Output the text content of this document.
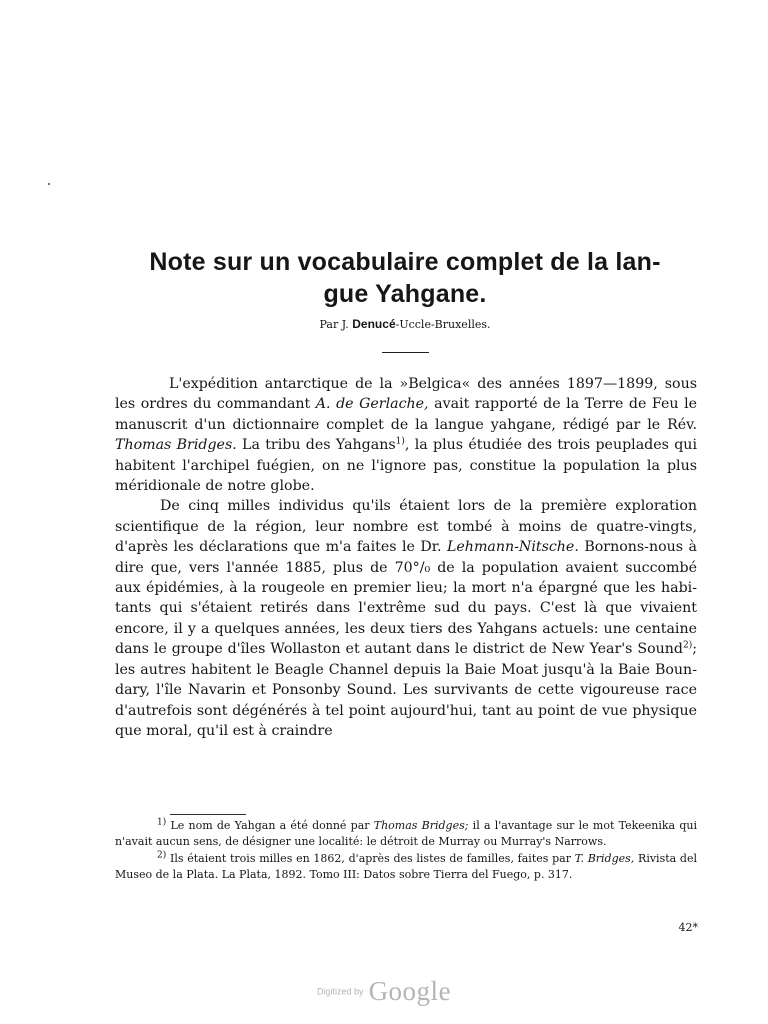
Note sur un vocabulaire complet de la lan-
gue Yahgane.
Par J. Denucé-Uccle-Bruxelles.

L'expédition antarctique de la »Belgica« des années 1897—1899, sous les ordres du commandant A. de Gerlache, avait rapporté de la Terre de Feu le manuscrit d'un dictionnaire complet de la langue yahgane, rédigé par le Rév. Thomas Bridges. La tribu des Yahgans$^{1)}$, la plus étudiée des trois peuplades qui habitent l'archipel fuégien, on ne l'ignore pas, constitue la population la plus méridionale de notre globe.

De cinq milles individus qu'ils étaient lors de la première exploration scientifique de la région, leur nombre est tombé à moins de quatre-vingts, d'après les déclarations que m'a faites le Dr. Lehmann-Nitsche. Bornons-nous à dire que, vers l'année 1885, plus de 70°/₀ de la population avaient succombé aux épidémies, à la rougeole en premier lieu; la mort n'a épargné que les habitants qui s'étaient retirés dans l'extrême sud du pays. C'est là que vivaient encore, il y a quelques années, les deux tiers des Yahgans actuels: une centaine dans le groupe d'îles Wollaston et autant dans le district de New Year's Sound$^{2)}$; les autres habitent le Beagle Channel depuis la Baie Moat jusqu'à la Baie Boundary, l'île Navarin et Ponsonby Sound. Les survivants de cette vigoureuse race d'autrefois sont dégénérés à tel point aujourd'hui, tant au point de vue physique que moral, qu'il est à craindre

$^{1)}$ Le nom de Yahgan a été donné par Thomas Bridges; il a l'avantage sur le mot Tekeenika qui n'avait aucun sens, de désigner une localité: le détroit de Murray ou Murray's Narrows.

$^{2)}$ Ils étaient trois milles en 1862, d'après des listes de familles, faites par T. Bridges, Rivista del Museo de la Plata. La Plata, 1892. Tomo III: Datos sobre Tierra del Fuego, p. 317.

42*
Digitized by Google
